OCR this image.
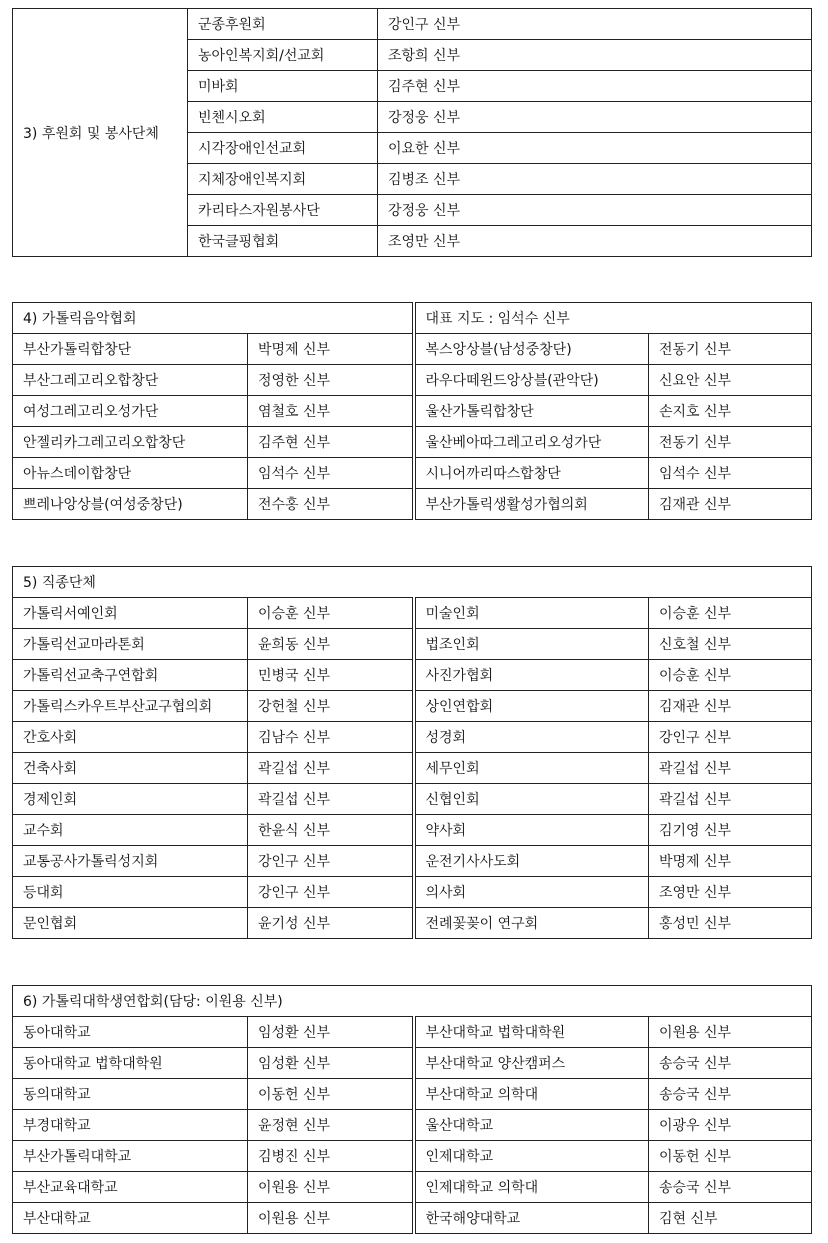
3) 후원회 및 봉사단체	군종후원회	강인구 신부
	농아인복지회/선교회	조항희 신부
	미바회	김주현 신부
	빈첸시오회	강정웅 신부
	시각장애인선교회	이요한 신부
	지체장애인복지회	김병조 신부
	카리타스자원봉사단	강정웅 신부
	한국클핑협회	조영만 신부
4) 가톨릭음악협회		대표 지도 : 임석수 신부	
부산가톨릭합창단	박명제 신부	복스앙상블(남성중창단)	전동기 신부
부산그레고리오합창단	정영한 신부	라우다떼윈드앙상블(관악단)	신요안 신부
여성그레고리오성가단	염철호 신부	울산가톨릭합창단	손지호 신부
안젤리카그레고리오합창단	김주현 신부	울산베아따그레고리오성가단	전동기 신부
아뉴스데이합창단	임석수 신부	시니어까리따스합창단	임석수 신부
쁘레나앙상블(여성중창단)	전수홍 신부	부산가톨릭생활성가협의회	김재관 신부
5) 직종단체			
가톨릭서예인회	이승훈 신부	미술인회	이승훈 신부
가톨릭선교마라톤회	윤희동 신부	법조인회	신호철 신부
가톨릭선교축구연합회	민병국 신부	사진가협회	이승훈 신부
가톨릭스카우트부산교구협의회	강헌철 신부	상인연합회	김재관 신부
간호사회	김남수 신부	성경회	강인구 신부
건축사회	곽길섭 신부	세무인회	곽길섭 신부
경제인회	곽길섭 신부	신협인회	곽길섭 신부
교수회	한윤식 신부	약사회	김기영 신부
교통공사가톨릭성지회	강인구 신부	운전기사사도회	박명제 신부
등대회	강인구 신부	의사회	조영만 신부
문인협회	윤기성 신부	전례꽃꽂이 연구회	홍성민 신부
6) 가톨릭대학생연합회(담당: 이원용 신부)			
동아대학교	임성환 신부	부산대학교 법학대학원	이원용 신부
동아대학교 법학대학원	임성환 신부	부산대학교 양산캠퍼스	송승국 신부
동의대학교	이동헌 신부	부산대학교 의학대	송승국 신부
부경대학교	윤정현 신부	울산대학교	이광우 신부
부산가톨릭대학교	김병진 신부	인제대학교	이동헌 신부
부산교육대학교	이원용 신부	인제대학교 의학대	송승국 신부
부산대학교	이원용 신부	한국해양대학교	김현 신부
